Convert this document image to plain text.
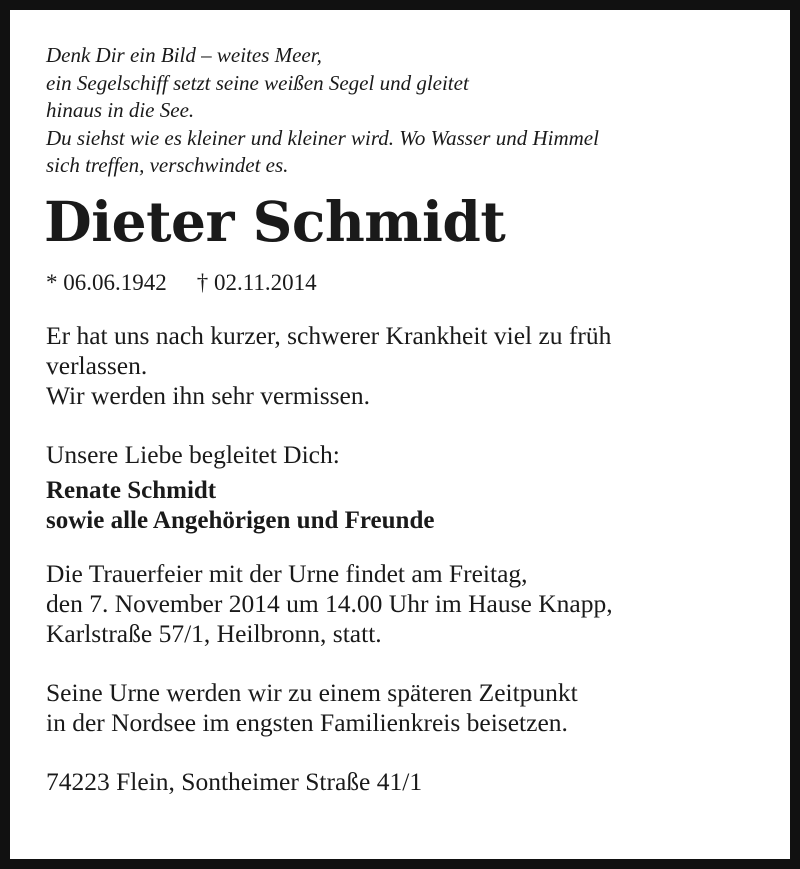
Denk Dir ein Bild – weites Meer,
ein Segelschiff setzt seine weißen Segel und gleitet
hinaus in die See.
Du siehst wie es kleiner und kleiner wird. Wo Wasser und Himmel
sich treffen, verschwindet es.
Dieter Schmidt
* 06.06.1942 † 02.11.2014
Er hat uns nach kurzer, schwerer Krankheit viel zu früh
verlassen.
Wir werden ihn sehr vermissen.
Unsere Liebe begleitet Dich:
Renate Schmidt
sowie alle Angehörigen und Freunde
Die Trauerfeier mit der Urne findet am Freitag,
den 7. November 2014 um 14.00 Uhr im Hause Knapp,
Karlstraße 57/1, Heilbronn, statt.
Seine Urne werden wir zu einem späteren Zeitpunkt
in der Nordsee im engsten Familienkreis beisetzen.
74223 Flein, Sontheimer Straße 41/1
